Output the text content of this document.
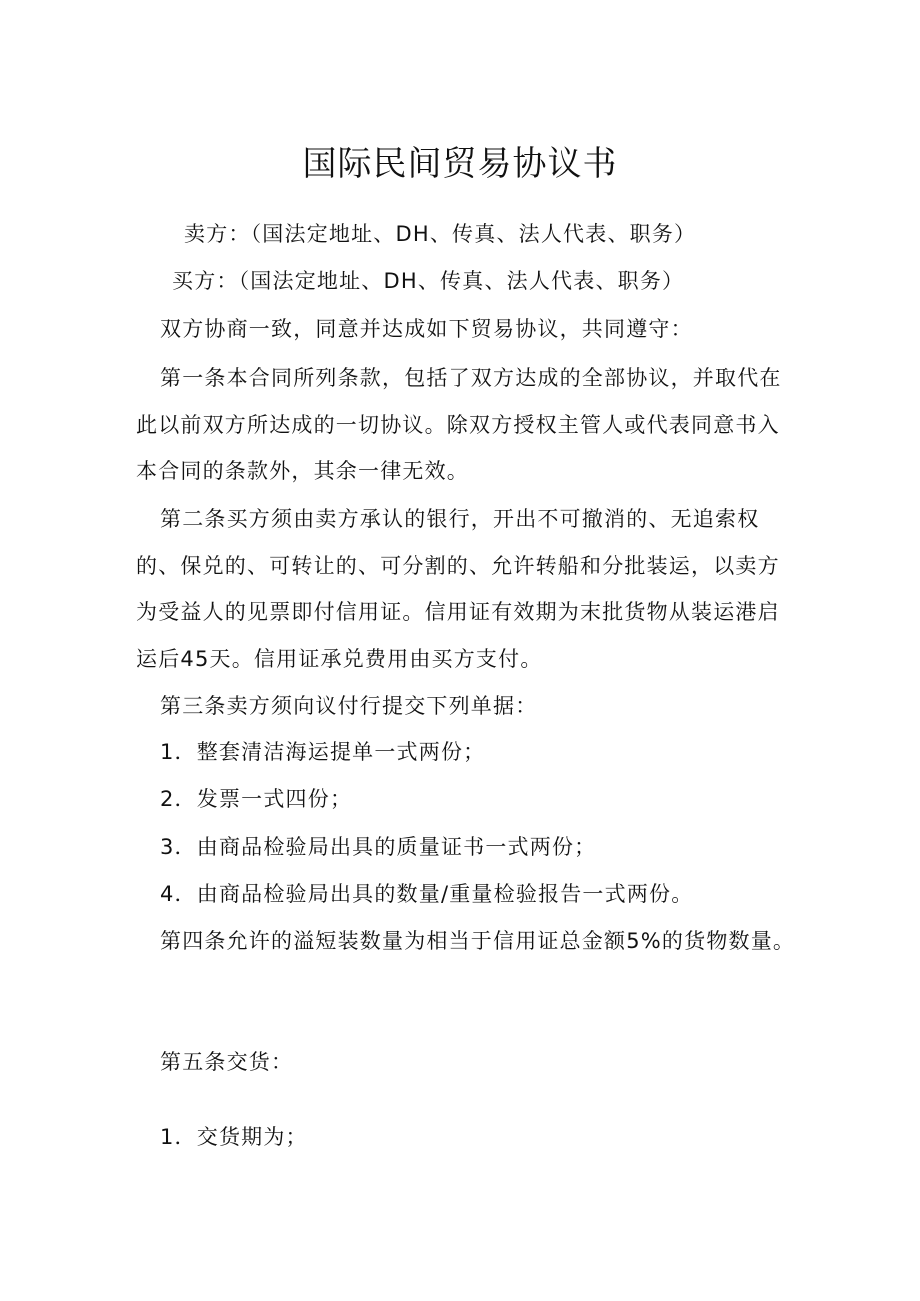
国际民间贸易协议书

卖方：（国法定地址、DH、传真、法人代表、职务）

买方：（国法定地址、DH、传真、法人代表、职务）

双方协商一致，同意并达成如下贸易协议，共同遵守：

第一条本合同所列条款，包括了双方达成的全部协议，并取代在此以前双方所达成的一切协议。除双方授权主管人或代表同意书入本合同的条款外，其余一律无效。

第二条买方须由卖方承认的银行，开出不可撤消的、无追索权的、保兑的、可转让的、可分割的、允许转船和分批装运，以卖方为受益人的见票即付信用证。信用证有效期为末批货物从装运港启运后45天。信用证承兑费用由买方支付。

第三条卖方须向议付行提交下列单据：

1．整套清洁海运提单一式两份；

2．发票一式四份；

3．由商品检验局出具的质量证书一式两份；

4．由商品检验局出具的数量/重量检验报告一式两份。

第四条允许的溢短装数量为相当于信用证总金额5%的货物数量。

第五条交货：

1．交货期为；
